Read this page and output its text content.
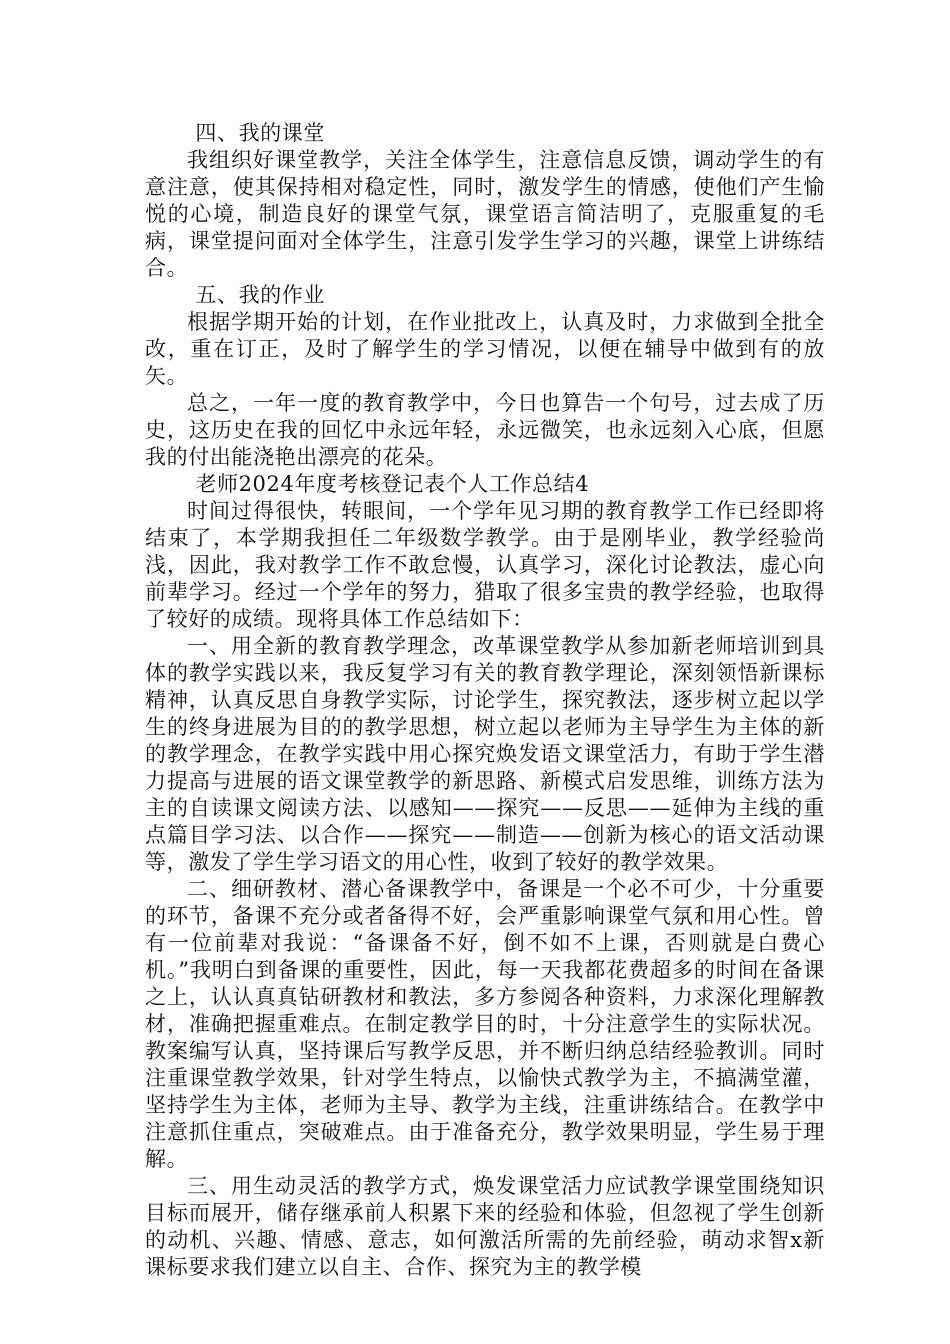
四、我的课堂

我组织好课堂教学，关注全体学生，注意信息反馈，调动学生的有意注意，使其保持相对稳定性，同时，激发学生的情感，使他们产生愉悦的心境，制造良好的课堂气氛，课堂语言简洁明了，克服重复的毛病，课堂提问面对全体学生，注意引发学生学习的兴趣，课堂上讲练结合。

五、我的作业

根据学期开始的计划，在作业批改上，认真及时，力求做到全批全改，重在订正，及时了解学生的学习情况，以便在辅导中做到有的放矢。

总之，一年一度的教育教学中，今日也算告一个句号，过去成了历史，这历史在我的回忆中永远年轻，永远微笑，也永远刻入心底，但愿我的付出能浇艳出漂亮的花朵。

老师2024年度考核登记表个人工作总结4

时间过得很快，转眼间，一个学年见习期的教育教学工作已经即将结束了，本学期我担任二年级数学教学。由于是刚毕业，教学经验尚浅，因此，我对教学工作不敢怠慢，认真学习，深化讨论教法，虚心向前辈学习。经过一个学年的努力，猎取了很多宝贵的教学经验，也取得了较好的成绩。现将具体工作总结如下：

一、用全新的教育教学理念，改革课堂教学从参加新老师培训到具体的教学实践以来，我反复学习有关的教育教学理论，深刻领悟新课标精神，认真反思自身教学实际，讨论学生，探究教法，逐步树立起以学生的终身进展为目的的教学思想，树立起以老师为主导学生为主体的新的教学理念，在教学实践中用心探究焕发语文课堂活力，有助于学生潜力提高与进展的语文课堂教学的新思路、新模式启发思维，训练方法为主的自读课文阅读方法、以感知——探究——反思——延伸为主线的重点篇目学习法、以合作——探究——制造——创新为核心的语文活动课等，激发了学生学习语文的用心性，收到了较好的教学效果。

二、细研教材、潜心备课教学中，备课是一个必不可少，十分重要的环节，备课不充分或者备得不好，会严重影响课堂气氛和用心性。曾有一位前辈对我说：“备课备不好，倒不如不上课，否则就是白费心机。”我明白到备课的重要性，因此，每一天我都花费超多的时间在备课之上，认认真真钻研教材和教法，多方参阅各种资料，力求深化理解教材，准确把握重难点。在制定教学目的时，十分注意学生的实际状况。教案编写认真，坚持课后写教学反思，并不断归纳总结经验教训。同时注重课堂教学效果，针对学生特点，以愉快式教学为主，不搞满堂灌，坚持学生为主体，老师为主导、教学为主线，注重讲练结合。在教学中注意抓住重点，突破难点。由于准备充分，教学效果明显，学生易于理解。

三、用生动灵活的教学方式，焕发课堂活力应试教学课堂围绕知识目标而展开，储存继承前人积累下来的经验和体验，但忽视了学生创新的动机、兴趣、情感、意志，如何激活所需的先前经验，萌动求智x新课标要求我们建立以自主、合作、探究为主的教学模
